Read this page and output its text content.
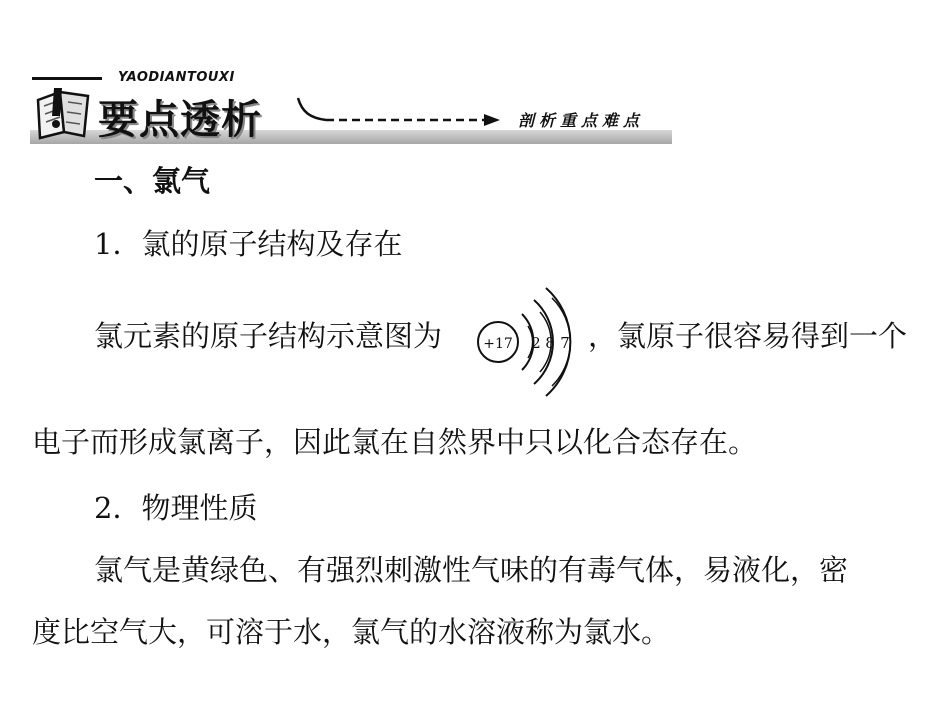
YAODIANTOUXI
要点透析	剖析重点难点
一、氯气
1．氯的原子结构及存在
氯元素的原子结构示意图为	+17 2 8 7 ，氯原子很容易得到一个
电子而形成氯离子，因此氯在自然界中只以化合态存在。
2．物理性质
氯气是黄绿色、有强烈刺激性气味的有毒气体，易液化，密
度比空气大，可溶于水，氯气的水溶液称为氯水。
